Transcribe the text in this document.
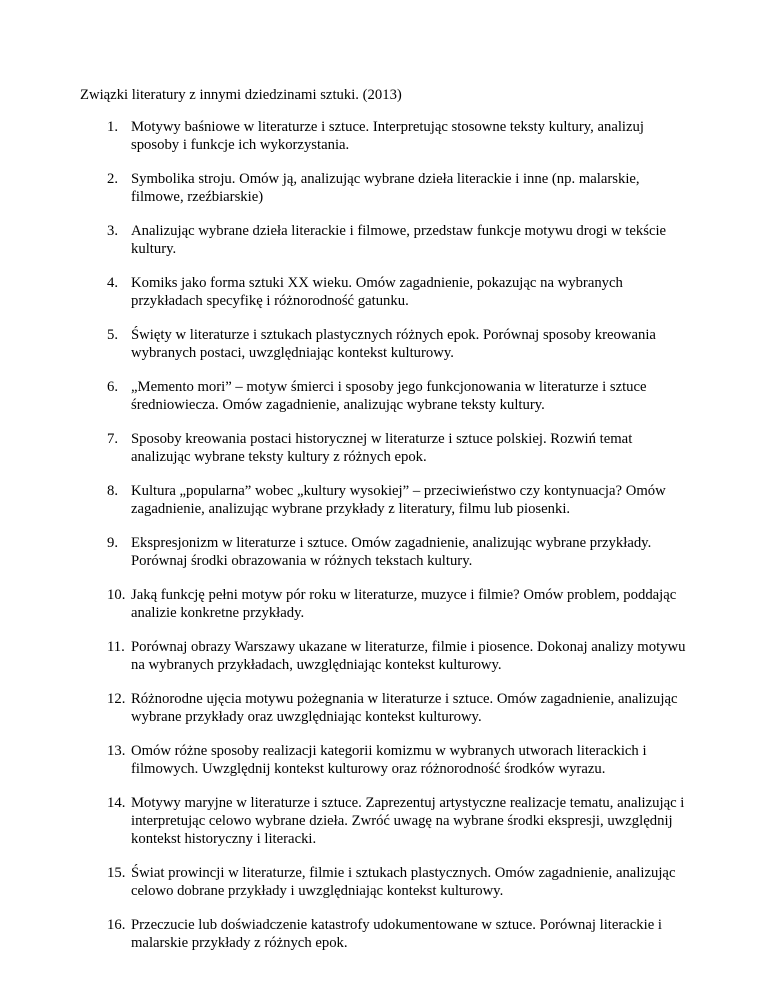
Związki literatury z innymi dziedzinami sztuki. (2013)
1. Motywy baśniowe w literaturze i sztuce. Interpretując stosowne teksty kultury, analizuj sposoby i funkcje ich wykorzystania.
2. Symbolika stroju. Omów ją, analizując wybrane dzieła literackie i inne (np. malarskie, filmowe, rzeźbiarskie)
3. Analizując wybrane dzieła literackie i filmowe, przedstaw funkcje motywu drogi w tekście kultury.
4. Komiks jako forma sztuki XX wieku. Omów zagadnienie, pokazując na wybranych przykładach specyfikę i różnorodność gatunku.
5. Święty w literaturze i sztukach plastycznych różnych epok. Porównaj sposoby kreowania wybranych postaci, uwzględniając kontekst kulturowy.
6. „Memento mori” – motyw śmierci i sposoby jego funkcjonowania w literaturze i sztuce średniowiecza. Omów zagadnienie, analizując wybrane teksty kultury.
7. Sposoby kreowania postaci historycznej w literaturze i sztuce polskiej. Rozwiń temat analizując wybrane teksty kultury z różnych epok.
8. Kultura „popularna” wobec „kultury wysokiej” – przeciwieństwo czy kontynuacja? Omów zagadnienie, analizując wybrane przykłady z literatury, filmu lub piosenki.
9. Ekspresjonizm w literaturze i sztuce. Omów zagadnienie, analizując wybrane przykłady. Porównaj środki obrazowania w różnych tekstach kultury.
10. Jaką funkcję pełni motyw pór roku w literaturze, muzyce i filmie? Omów problem, poddając analizie konkretne przykłady.
11. Porównaj obrazy Warszawy ukazane w literaturze, filmie i piosence. Dokonaj analizy motywu na wybranych przykładach, uwzględniając kontekst kulturowy.
12. Różnorodne ujęcia motywu pożegnania w literaturze i sztuce. Omów zagadnienie, analizując wybrane przykłady oraz uwzględniając kontekst kulturowy.
13. Omów różne sposoby realizacji kategorii komizmu w wybranych utworach literackich i filmowych. Uwzględnij kontekst kulturowy oraz różnorodność środków wyrazu.
14. Motywy maryjne w literaturze i sztuce. Zaprezentuj artystyczne realizacje tematu, analizując i interpretując celowo wybrane dzieła. Zwróć uwagę na wybrane środki ekspresji, uwzględnij kontekst historyczny i literacki.
15. Świat prowincji w literaturze, filmie i sztukach plastycznych. Omów zagadnienie, analizując celowo dobrane przykłady i uwzględniając kontekst kulturowy.
16. Przeczucie lub doświadczenie katastrofy udokumentowane w sztuce. Porównaj literackie i malarskie przykłady z różnych epok.
